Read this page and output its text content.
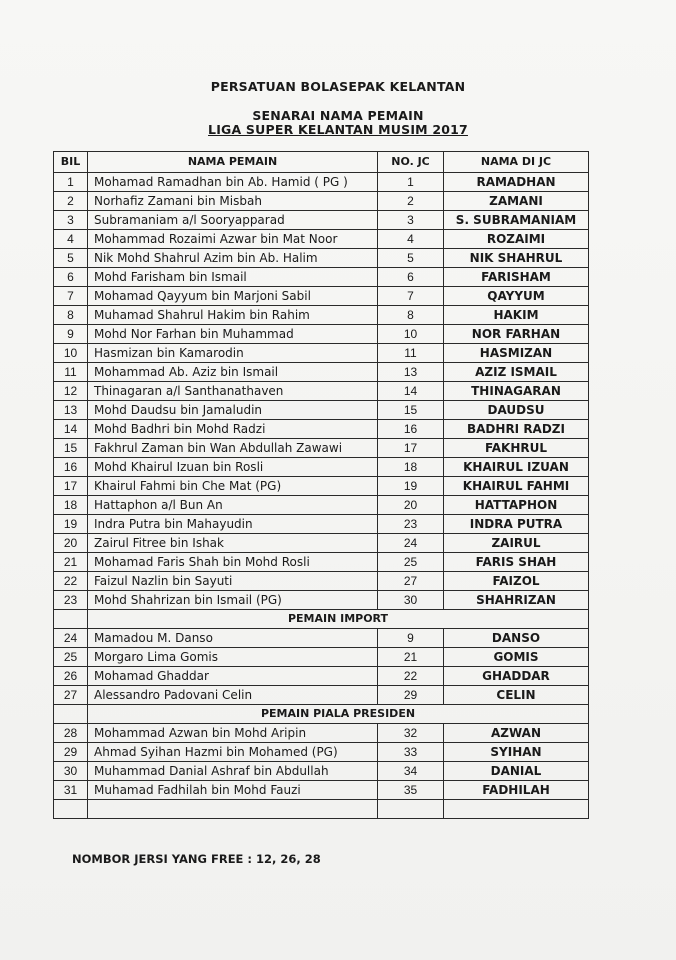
PERSATUAN BOLASEPAK KELANTAN
SENARAI NAMA PEMAIN
LIGA SUPER KELANTAN MUSIM 2017
BIL	NAMA PEMAIN	NO. JC	NAMA DI JC
1	Mohamad Ramadhan bin Ab. Hamid ( PG )	1	RAMADHAN
2	Norhafiz Zamani bin Misbah	2	ZAMANI
3	Subramaniam a/l Sooryapparad	3	S. SUBRAMANIAM
4	Mohammad Rozaimi Azwar bin Mat Noor	4	ROZAIMI
5	Nik Mohd Shahrul Azim bin Ab. Halim	5	NIK SHAHRUL
6	Mohd Farisham bin Ismail	6	FARISHAM
7	Mohamad Qayyum bin Marjoni Sabil	7	QAYYUM
8	Muhamad Shahrul Hakim bin Rahim	8	HAKIM
9	Mohd Nor Farhan bin Muhammad	10	NOR FARHAN
10	Hasmizan bin Kamarodin	11	HASMIZAN
11	Mohammad Ab. Aziz bin Ismail	13	AZIZ ISMAIL
12	Thinagaran a/l Santhanathaven	14	THINAGARAN
13	Mohd Daudsu bin Jamaludin	15	DAUDSU
14	Mohd Badhri bin Mohd Radzi	16	BADHRI RADZI
15	Fakhrul Zaman bin Wan Abdullah Zawawi	17	FAKHRUL
16	Mohd Khairul Izuan bin Rosli	18	KHAIRUL IZUAN
17	Khairul Fahmi bin Che Mat (PG)	19	KHAIRUL FAHMI
18	Hattaphon a/l Bun An	20	HATTAPHON
19	Indra Putra bin Mahayudin	23	INDRA PUTRA
20	Zairul Fitree bin Ishak	24	ZAIRUL
21	Mohamad Faris Shah bin Mohd Rosli	25	FARIS SHAH
22	Faizul Nazlin bin Sayuti	27	FAIZOL
23	Mohd Shahrizan bin Ismail (PG)	30	SHAHRIZAN
	PEMAIN IMPORT		
24	Mamadou M. Danso	9	DANSO
25	Morgaro Lima Gomis	21	GOMIS
26	Mohamad Ghaddar	22	GHADDAR
27	Alessandro Padovani Celin	29	CELIN
	PEMAIN PIALA PRESIDEN		
28	Mohammad Azwan bin Mohd Aripin	32	AZWAN
29	Ahmad Syihan Hazmi bin Mohamed (PG)	33	SYIHAN
30	Muhammad Danial Ashraf bin Abdullah	34	DANIAL
31	Muhamad Fadhilah bin Mohd Fauzi	35	FADHILAH

NOMBOR JERSI YANG FREE : 12, 26, 28
